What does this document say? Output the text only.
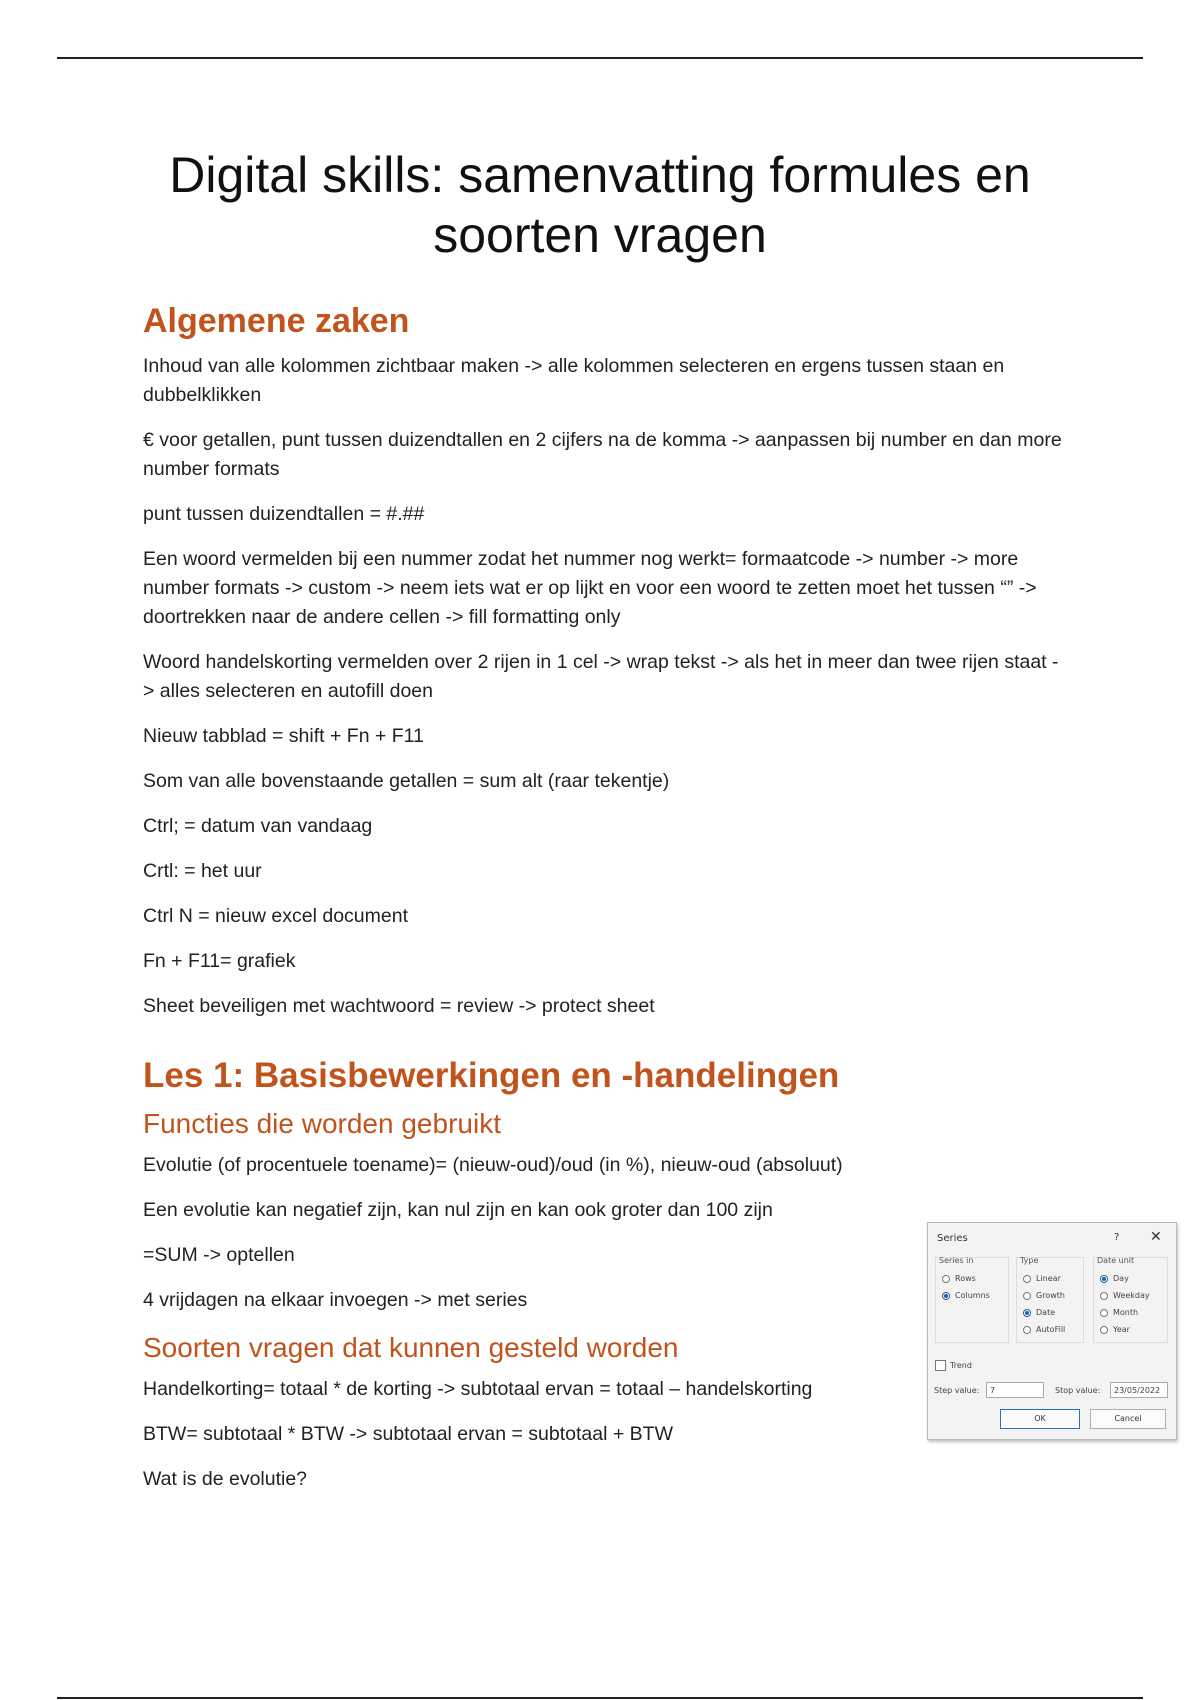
Digital skills: samenvatting formules en soorten vragen
Algemene zaken

Inhoud van alle kolommen zichtbaar maken -> alle kolommen selecteren en ergens tussen staan en dubbelklikken

€ voor getallen, punt tussen duizendtallen en 2 cijfers na de komma -> aanpassen bij number en dan more number formats

punt tussen duizendtallen = #.##

Een woord vermelden bij een nummer zodat het nummer nog werkt= formaatcode -> number -> more number formats -> custom -> neem iets wat er op lijkt en voor een woord te zetten moet het tussen “” -> doortrekken naar de andere cellen -> fill formatting only

Woord handelskorting vermelden over 2 rijen in 1 cel -> wrap tekst -> als het in meer dan twee rijen staat -> alles selecteren en autofill doen

Nieuw tabblad = shift + Fn + F11

Som van alle bovenstaande getallen = sum alt (raar tekentje)

Ctrl; = datum van vandaag

Crtl: = het uur

Ctrl N = nieuw excel document

Fn + F11= grafiek

Sheet beveiligen met wachtwoord = review -> protect sheet

Les 1: Basisbewerkingen en -handelingen
Functies die worden gebruikt

Evolutie (of procentuele toename)= (nieuw-oud)/oud (in %), nieuw-oud (absoluut)

Een evolutie kan negatief zijn, kan nul zijn en kan ook groter dan 100 zijn

=SUM -> optellen

4 vrijdagen na elkaar invoegen -> met series

Soorten vragen dat kunnen gesteld worden

Handelkorting= totaal * de korting -> subtotaal ervan = totaal – handelskorting

BTW= subtotaal * BTW -> subtotaal ervan = subtotaal + BTW

Wat is de evolutie?

Series	? ✕
Series in
Rows
Columns
Type
Linear
Growth
Date
AutoFill
Date unit
Day
Weekday
Month
Year
Trend
Step value:	7	Stop value:	23/05/2022
OK	Cancel
